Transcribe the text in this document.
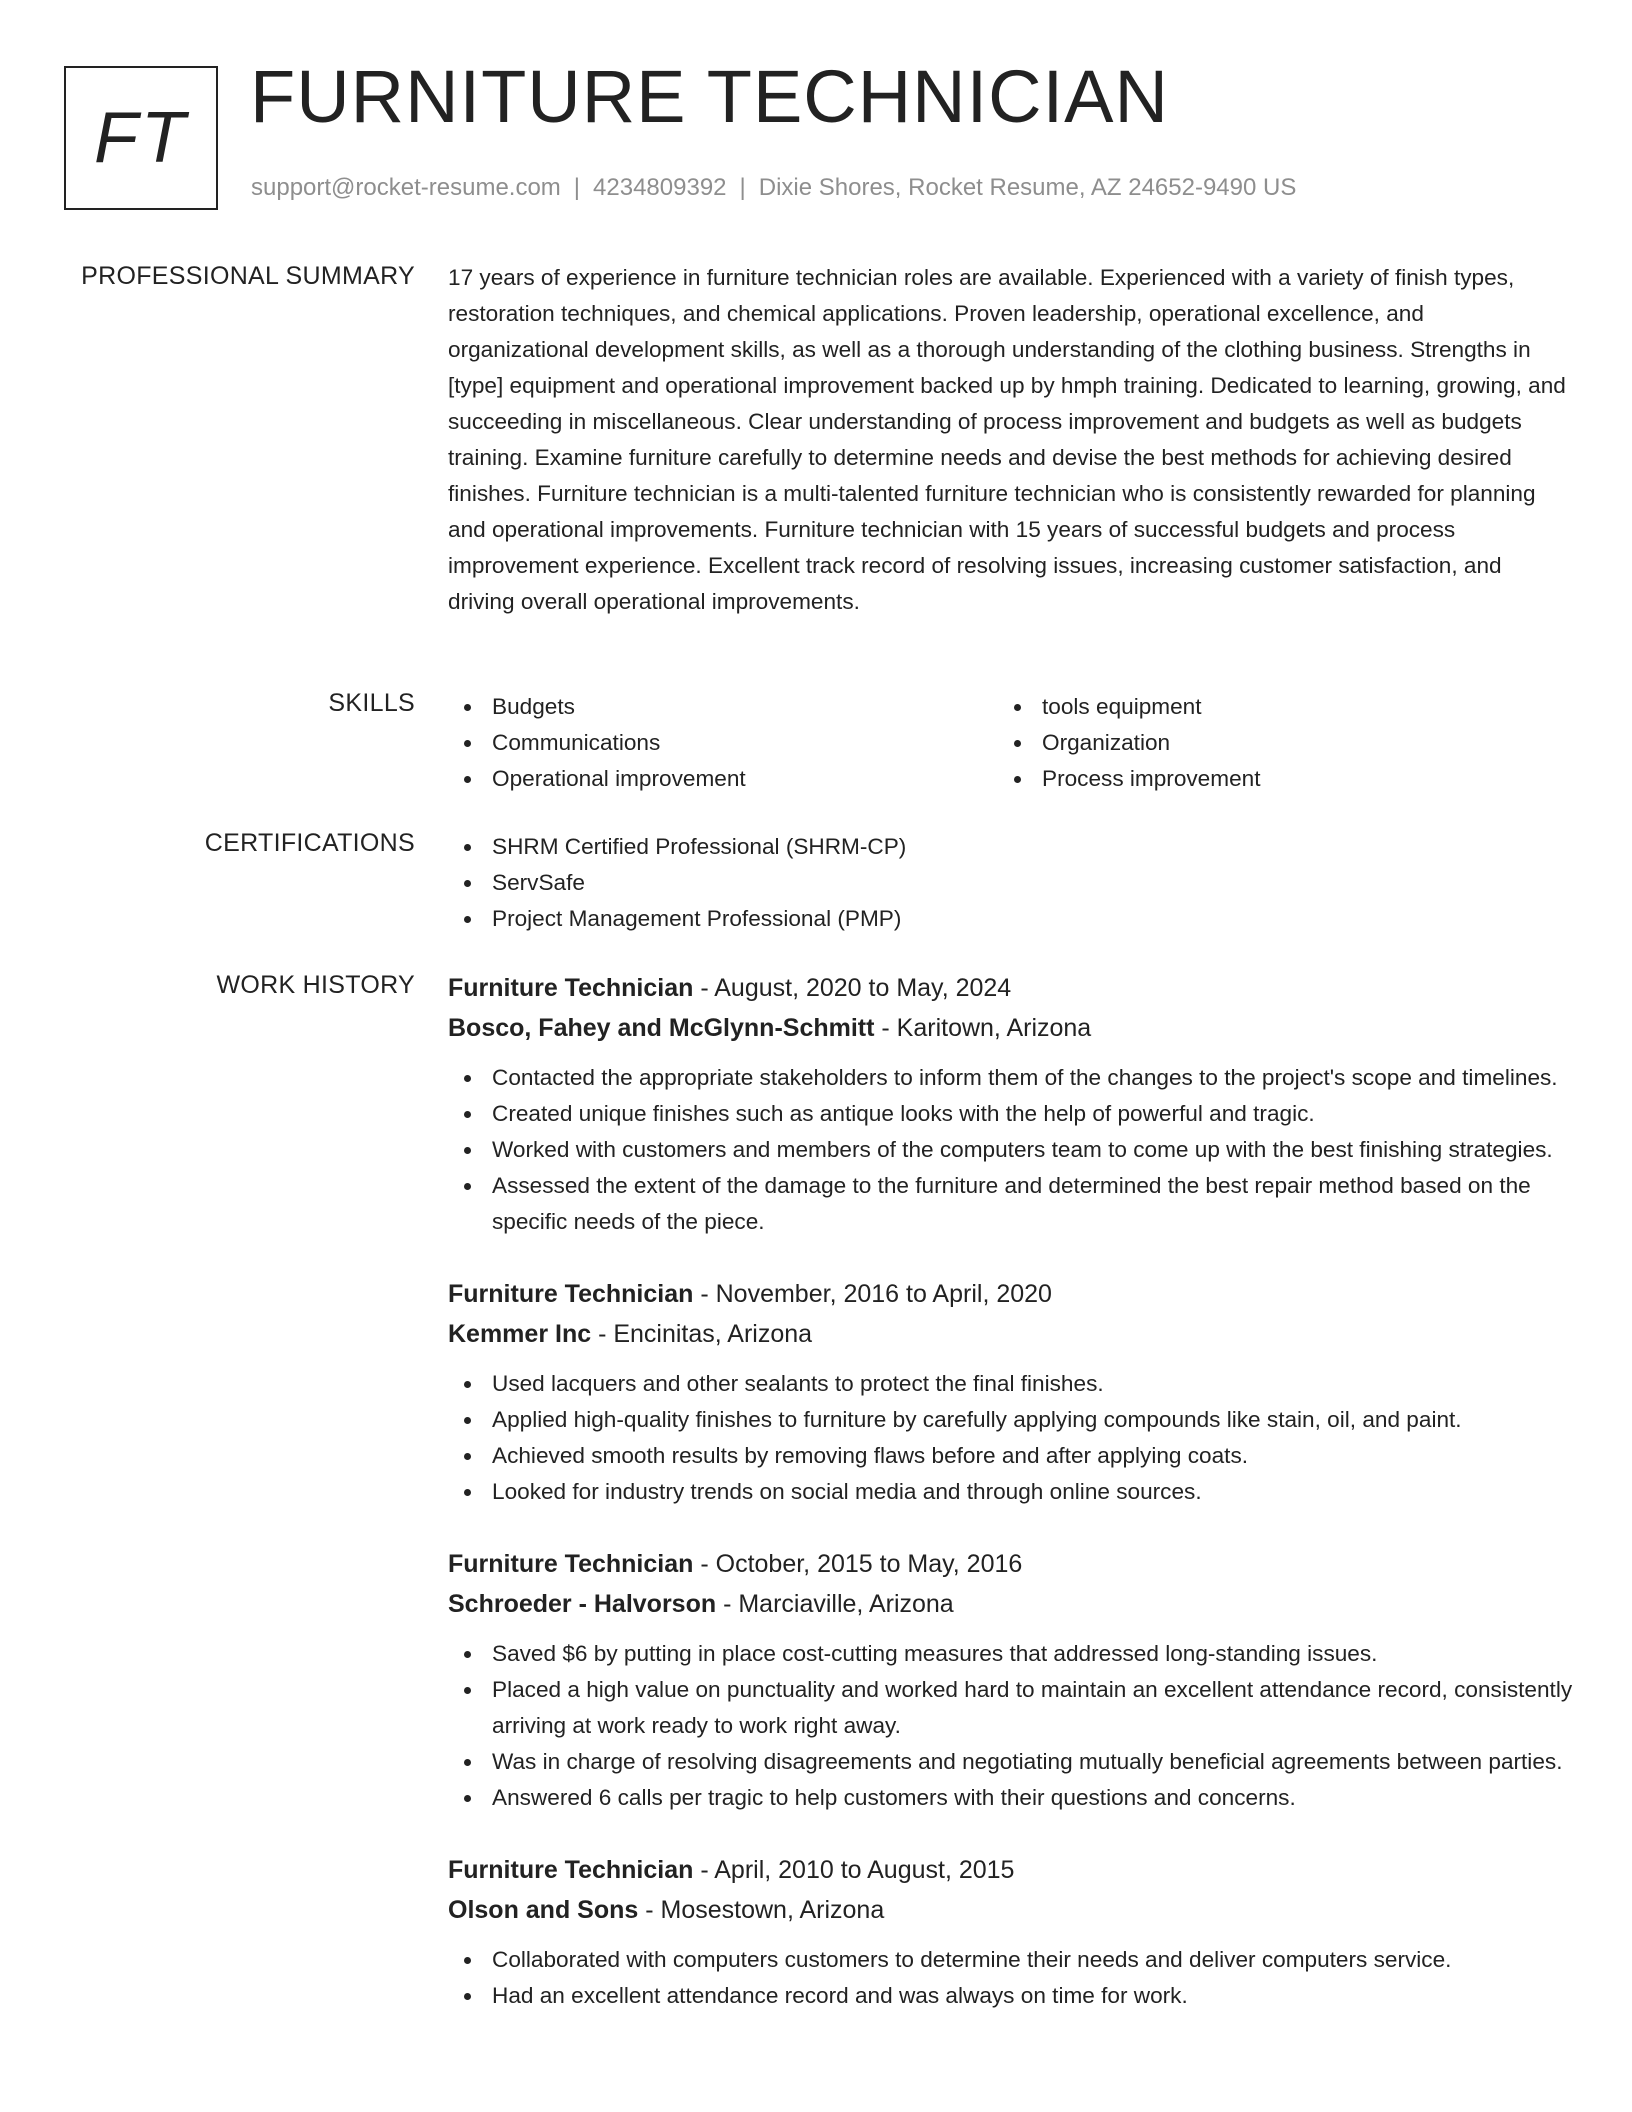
FT FURNITURE TECHNICIAN
support@rocket-resume.com | 4234809392 | Dixie Shores, Rocket Resume, AZ 24652-9490 US
PROFESSIONAL SUMMARY 17 years of experience in furniture technician roles are available. Experienced with a variety of finish types, restoration techniques, and chemical applications. Proven leadership, operational excellence, and organizational development skills, as well as a thorough understanding of the clothing business. Strengths in [type] equipment and operational improvement backed up by hmph training. Dedicated to learning, growing, and succeeding in miscellaneous. Clear understanding of process improvement and budgets as well as budgets training. Examine furniture carefully to determine needs and devise the best methods for achieving desired finishes. Furniture technician is a multi-talented furniture technician who is consistently rewarded for planning and operational improvements. Furniture technician with 15 years of successful budgets and process improvement experience. Excellent track record of resolving issues, increasing customer satisfaction, and driving overall operational improvements.

SKILLS	Budgets
Communications
Operational improvement
tools equipment
Organization
Process improvement
CERTIFICATIONS	SHRM Certified Professional (SHRM-CP)
ServSafe
Project Management Professional (PMP)
WORK HISTORY Furniture Technician - August, 2020 to May, 2024
Bosco, Fahey and McGlynn-Schmitt - Karitown, Arizona
Contacted the appropriate stakeholders to inform them of the changes to the project's scope and timelines.
Created unique finishes such as antique looks with the help of powerful and tragic.
Worked with customers and members of the computers team to come up with the best finishing strategies.
Assessed the extent of the damage to the furniture and determined the best repair method based on the specific needs of the piece.
Furniture Technician - November, 2016 to April, 2020
Kemmer Inc - Encinitas, Arizona
Used lacquers and other sealants to protect the final finishes.
Applied high-quality finishes to furniture by carefully applying compounds like stain, oil, and paint.
Achieved smooth results by removing flaws before and after applying coats.
Looked for industry trends on social media and through online sources.
Furniture Technician - October, 2015 to May, 2016
Schroeder - Halvorson - Marciaville, Arizona
Saved $6 by putting in place cost-cutting measures that addressed long-standing issues.
Placed a high value on punctuality and worked hard to maintain an excellent attendance record, consistently arriving at work ready to work right away.
Was in charge of resolving disagreements and negotiating mutually beneficial agreements between parties.
Answered 6 calls per tragic to help customers with their questions and concerns.
Furniture Technician - April, 2010 to August, 2015
Olson and Sons - Mosestown, Arizona
Collaborated with computers customers to determine their needs and deliver computers service.
Had an excellent attendance record and was always on time for work.
